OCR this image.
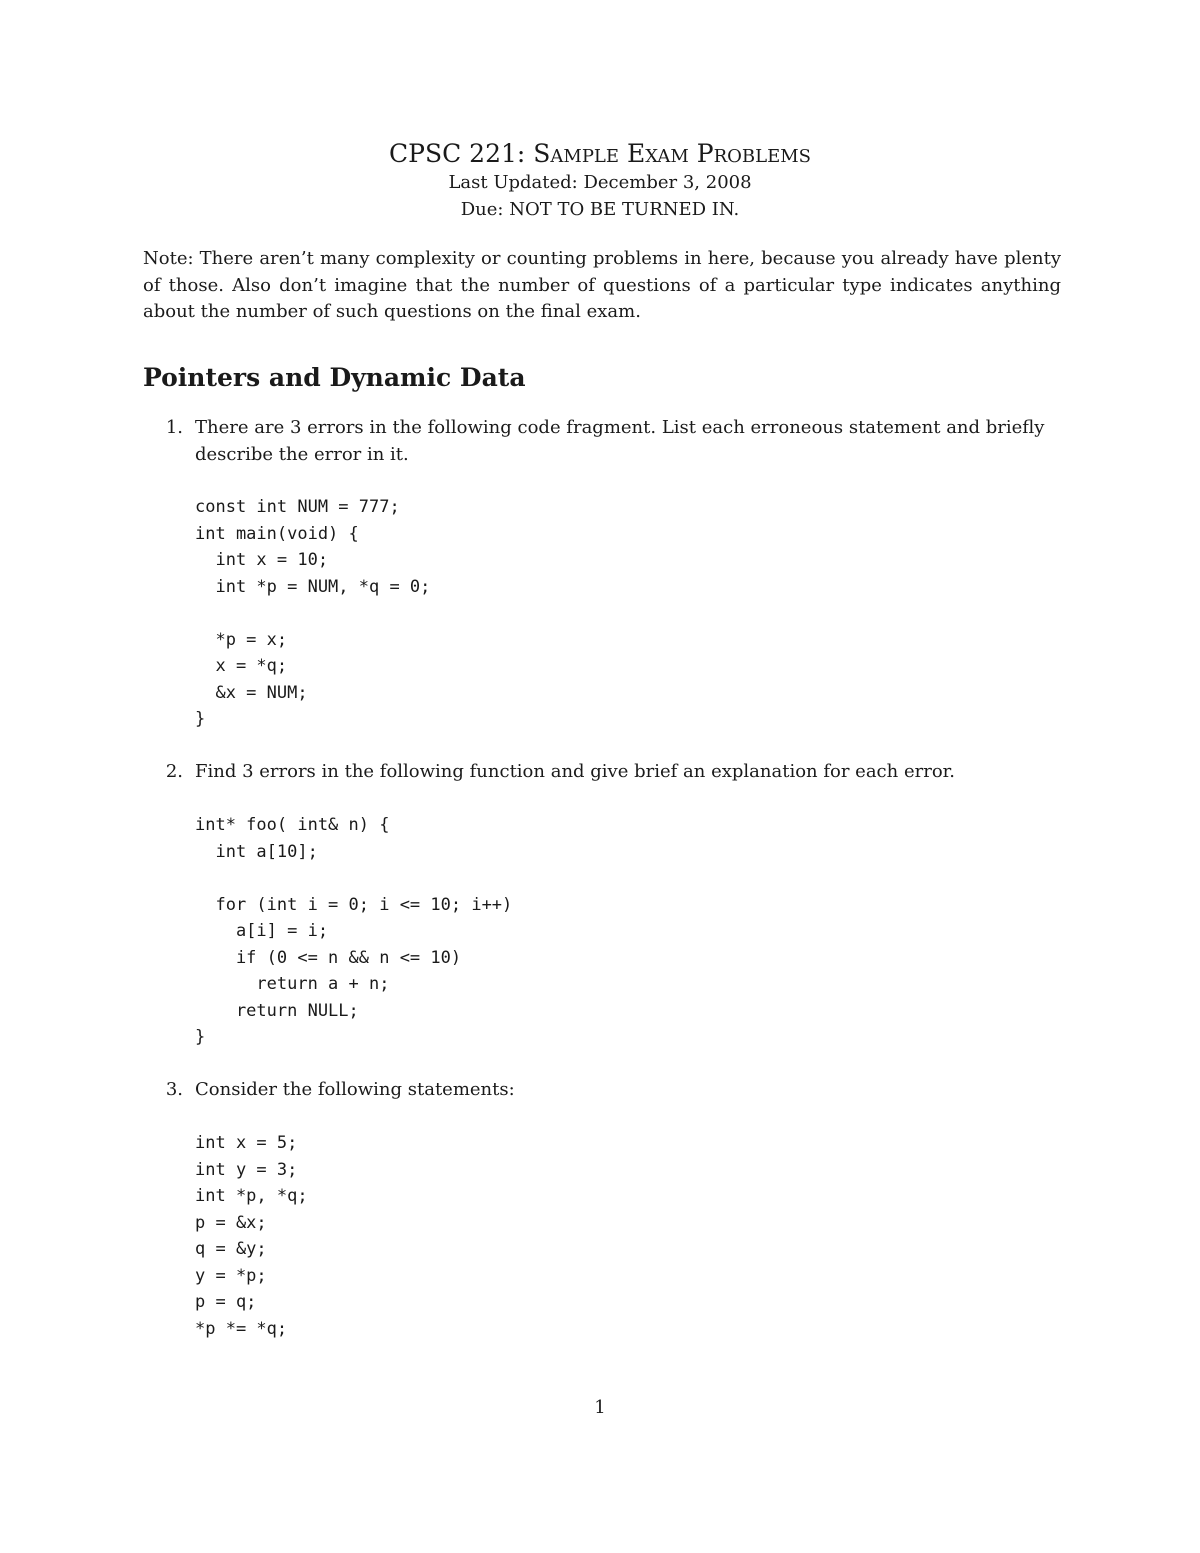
CPSC 221: Sample Exam Problems
Last Updated: December 3, 2008
Due: NOT TO BE TURNED IN.
Note: There aren’t many complexity or counting problems in here, because you already have plenty of those. Also don’t imagine that the number of questions of a particular type indicates anything about the number of such questions on the final exam.
Pointers and Dynamic Data
1. There are 3 errors in the following code fragment. List each erroneous statement and briefly describe the error in it.
const int NUM = 777;
int main(void) {
int x = 10;
int *p = NUM, *q = 0;

*p = x;
x = *q;
&x = NUM;
}
2. Find 3 errors in the following function and give brief an explanation for each error.
int* foo( int& n) {
int a[10];

for (int i = 0; i <= 10; i++)
a[i] = i;
if (0 <= n && n <= 10)
return a + n;
return NULL;
}
3. Consider the following statements:
int x = 5;
int y = 3;
int *p, *q;
p = &x;
q = &y;
y = *p;
p = q;
*p *= *q;
1
